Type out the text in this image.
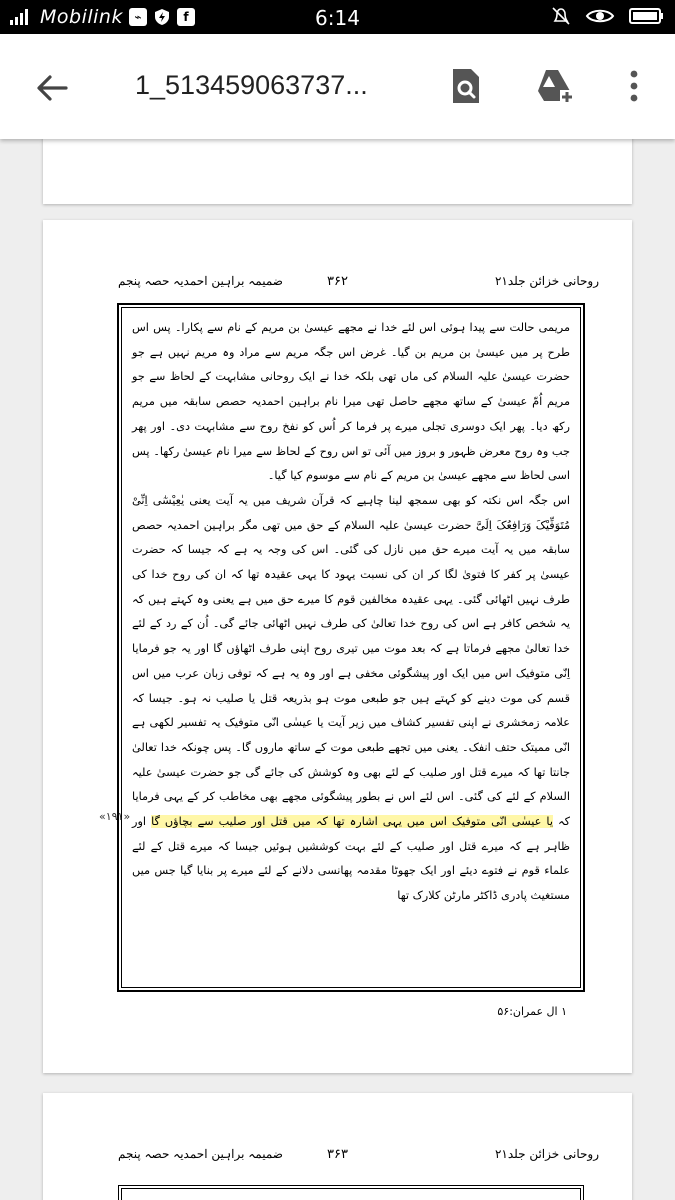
Mobilink ⌁	f	6:14
1_513459063737...
روحانی خزائن جلد۲۱
۳۶۲
ضمیمہ براہین احمدیہ حصہ پنجم

مریمی حالت سے پیدا ہوئی اس لئے خدا نے مجھے عیسیٰ بن مریم کے نام سے پکارا۔ پس اس طرح پر میں عیسیٰ بن مریم بن گیا۔ غرض اس جگہ مریم سے مراد وہ مریم نہیں ہے جو حضرت عیسیٰ علیہ السلام کی ماں تھی بلکہ خدا نے ایک روحانی مشابہت کے لحاظ سے جو مریم اُمّ عیسیٰ کے ساتھ مجھے حاصل تھی میرا نام براہین احمدیہ حصص سابقہ میں مریم رکھ دیا۔ پھر ایک دوسری تجلی میرے پر فرما کر اُس کو نفخ روح سے مشابہت دی۔ اور پھر جب وہ روح معرض ظہور و بروز میں آئی تو اس روح کے لحاظ سے میرا نام عیسیٰ رکھا۔ پس اسی لحاظ سے مجھے عیسیٰ بن مریم کے نام سے موسوم کیا گیا۔

اس جگہ اس نکتہ کو بھی سمجھ لینا چاہیے کہ قرآن شریف میں یہ آیت یعنی یٰعِیْسٰٓی اِنِّیْ مُتَوَفِّیْکَ وَرَافِعُکَ اِلَیَّ حضرت عیسیٰ علیہ السلام کے حق میں تھی مگر براہین احمدیہ حصص سابقہ میں یہ آیت میرے حق میں نازل کی گئی۔ اس کی وجہ یہ ہے کہ جیسا کہ حضرت عیسیٰ پر کفر کا فتویٰ لگا کر ان کی نسبت یہود کا یہی عقیدہ تھا کہ ان کی روح خدا کی طرف نہیں اٹھائی گئی۔ یہی عقیدہ مخالفین قوم کا میرے حق میں ہے یعنی وہ کہتے ہیں کہ یہ شخص کافر ہے اس کی روح خدا تعالیٰ کی طرف نہیں اٹھائی جائے گی۔ اُن کے رد کے لئے خدا تعالیٰ مجھے فرماتا ہے کہ بعد موت میں تیری روح اپنی طرف اٹھاؤں گا اور یہ جو فرمایا اِنّی متوفیک اس میں ایک اور پیشگوئی مخفی ہے اور وہ یہ ہے کہ توفی زبان عرب میں اس قسم کی موت دینے کو کہتے ہیں جو طبعی موت ہو بذریعہ قتل یا صلیب نہ ہو۔ جیسا کہ علامہ زمخشری نے اپنی تفسیر کشاف میں زیر آیت یا عیسٰی انّی متوفیک یہ تفسیر لکھی ہے انّی ممیتک حتف انفک۔ یعنی میں تجھے طبعی موت کے ساتھ ماروں گا۔ پس چونکہ خدا تعالیٰ جانتا تھا کہ میرے قتل اور صلیب کے لئے بھی وہ کوشش کی جائے گی جو حضرت عیسیٰ علیہ السلام کے لئے کی گئی۔ اس لئے اس نے بطور پیشگوئی مجھے بھی مخاطب کر کے یہی فرمایا کہ یا عیسٰی انّی متوفیک اس میں یہی اشارہ تھا کہ میں قتل اور صلیب سے بچاؤں گا اور ظاہر ہے کہ میرے قتل اور صلیب کے لئے بہت کوششیں ہوئیں جیسا کہ میرے قتل کے لئے علماء قوم نے فتوے دیئے اور ایک جھوٹا مقدمہ پھانسی دلانے کے لئے میرے پر بنایا گیا جس میں مستغیث پادری ڈاکٹر مارٹن کلارک تھا

«۱۹۱»
۱ ال عمران:۵۶
روحانی خزائن جلد۲۱
۳۶۳
ضمیمہ براہین احمدیہ حصہ پنجم
